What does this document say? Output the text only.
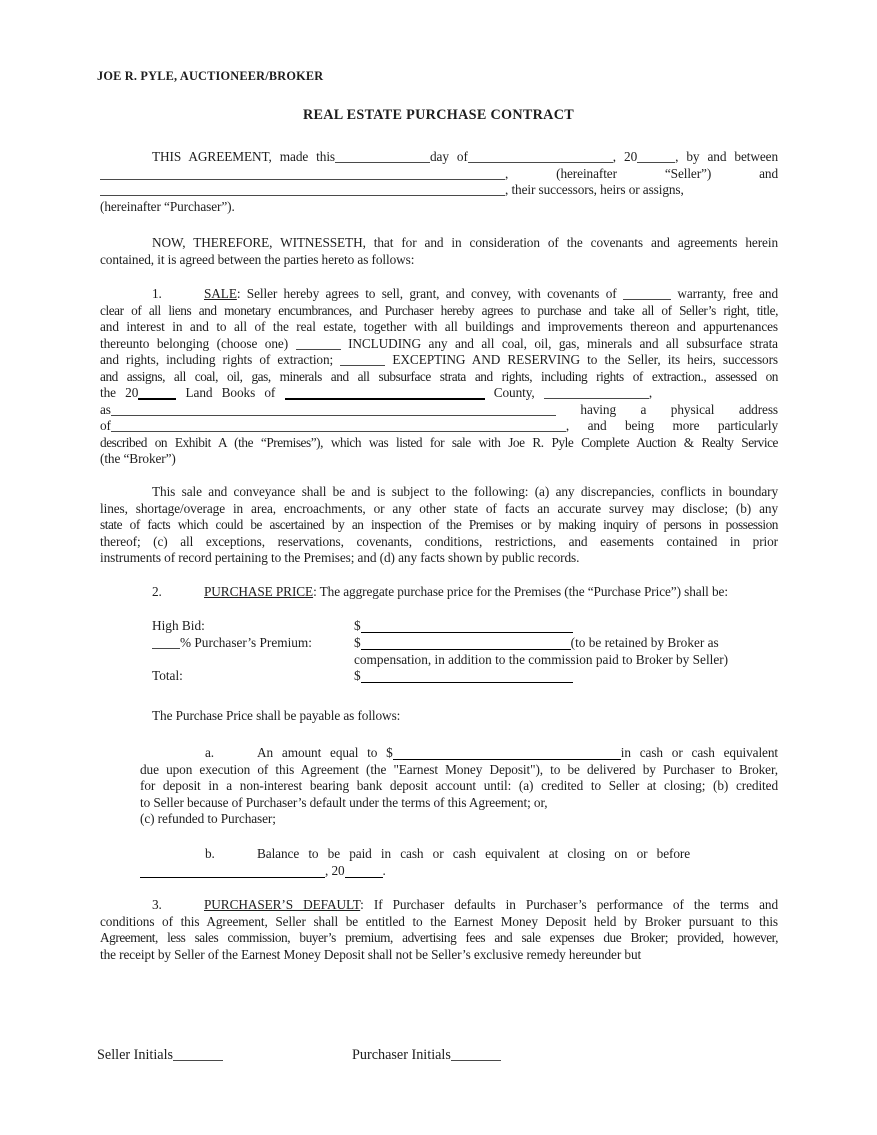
JOE R. PYLE, AUCTIONEER/BROKER
REAL ESTATE PURCHASE CONTRACT
THIS AGREEMENT, made this	day of	, 20	, by and between
, (hereinafter “Seller”) and
, their successors, heirs or assigns,
(hereinafter “Purchaser”).
NOW, THEREFORE, WITNESSETH, that for and in consideration of the covenants and agreements herein
contained, it is agreed between the parties hereto as follows:
1.	SALE: Seller hereby agrees to sell, grant, and convey, with covenants of	warranty, free and
clear of all liens and monetary encumbrances, and Purchaser hereby agrees to purchase and take all of Seller’s right, title,
and interest in and to all of the real estate, together with all buildings and improvements thereon and appurtenances
thereunto belonging (choose one)	INCLUDING any and all coal, oil, gas, minerals and all subsurface strata
and rights, including rights of extraction;	EXCEPTING AND RESERVING to the Seller, its heirs, successors
and assigns, all coal, oil, gas, minerals and all subsurface strata and rights, including rights of extraction., assessed on
the 20	Land Books of	County,	,
as	having a physical address
of	, and being more particularly
described on Exhibit A (the “Premises”), which was listed for sale with Joe R. Pyle Complete Auction & Realty Service
(the “Broker”)
This sale and conveyance shall be and is subject to the following: (a) any discrepancies, conflicts in boundary
lines, shortage/overage in area, encroachments, or any other state of facts an accurate survey may disclose; (b) any
state of facts which could be ascertained by an inspection of the Premises or by making inquiry of persons in possession
thereof; (c) all exceptions, reservations, covenants, conditions, restrictions, and easements contained in prior
instruments of record pertaining to the Premises; and (d) any facts shown by public records.
2.	PURCHASE PRICE: The aggregate purchase price for the Premises (the “Purchase Price”) shall be:
High Bid:	$
% Purchaser’s Premium:	$	(to be retained by Broker as
compensation, in addition to the commission paid to Broker by Seller)
Total:	$
The Purchase Price shall be payable as follows:
a.	An amount equal to $	in cash or cash equivalent
due upon execution of this Agreement (the "Earnest Money Deposit"), to be delivered by Purchaser to Broker,
for deposit in a non-interest bearing bank deposit account until: (a) credited to Seller at closing; (b) credited
to Seller because of Purchaser’s default under the terms of this Agreement; or,
(c) refunded to Purchaser;
b.	Balance to be paid in cash or cash equivalent at closing on or before
, 20	.
3.	PURCHASER’S DEFAULT: If Purchaser defaults in Purchaser’s performance of the terms and
conditions of this Agreement, Seller shall be entitled to the Earnest Money Deposit held by Broker pursuant to this
Agreement, less sales commission, buyer’s premium, advertising fees and sale expenses due Broker; provided, however,
the receipt by Seller of the Earnest Money Deposit shall not be Seller’s exclusive remedy hereunder but
Seller Initials	Purchaser Initials
